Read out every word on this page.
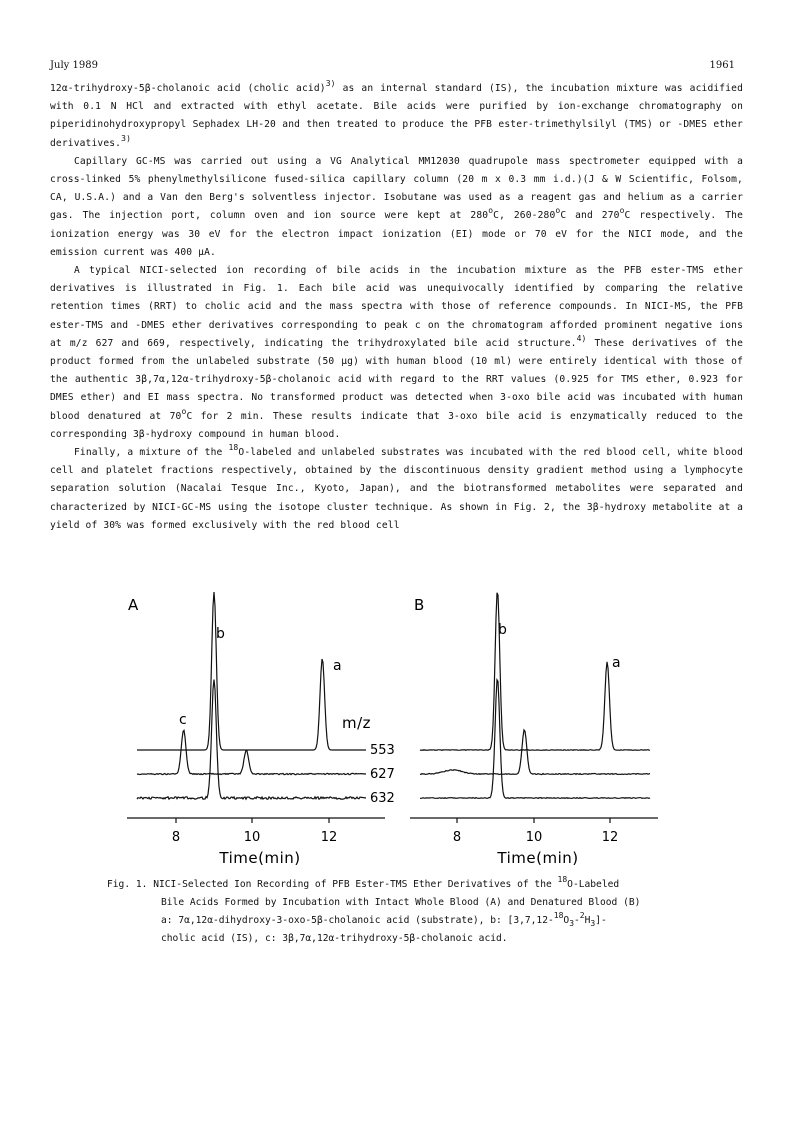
July 1989	1961

12α-trihydroxy-5β-cholanoic acid (cholic acid)$^{3)}$ as an internal standard (IS), the incubation mixture was acidified with 0.1 N HCl and extracted with ethyl acetate. Bile acids were purified by ion-exchange chromatography on piperidinohydroxypropyl Sephadex LH-20 and then treated to produce the PFB ester-trimethylsilyl (TMS) or -DMES ether derivatives.$^{3)}$

Capillary GC-MS was carried out using a VG Analytical MM12030 quadrupole mass spectrometer equipped with a cross-linked 5% phenylmethylsilicone fused-silica capillary column (20 m x 0.3 mm i.d.)(J & W Scientific, Folsom, CA, U.S.A.) and a Van den Berg's solventless injector. Isobutane was used as a reagent gas and helium as a carrier gas. The injection port, column oven and ion source were kept at 280$^o$C, 260-280$^o$C and 270$^o$C respectively. The ionization energy was 30 eV for the electron impact ionization (EI) mode or 70 eV for the NICI mode, and the emission current was 400 μA.

A typical NICI-selected ion recording of bile acids in the incubation mixture as the PFB ester-TMS ether derivatives is illustrated in Fig. 1. Each bile acid was unequivocally identified by comparing the relative retention times (RRT) to cholic acid and the mass spectra with those of reference compounds. In NICI-MS, the PFB ester-TMS and -DMES ether derivatives corresponding to peak c on the chromatogram afforded prominent negative ions at m/z 627 and 669, respectively, indicating the trihydroxylated bile acid structure.$^{4)}$ These derivatives of the product formed from the unlabeled substrate (50 μg) with human blood (10 ml) were entirely identical with those of the authentic 3β,7α,12α-trihydroxy-5β-cholanoic acid with regard to the RRT values (0.925 for TMS ether, 0.923 for DMES ether) and EI mass spectra. No transformed product was detected when 3-oxo bile acid was incubated with human blood denatured at 70$^o$C for 2 min. These results indicate that 3-oxo bile acid is enzymatically reduced to the corresponding 3β-hydroxy compound in human blood.

Finally, a mixture of the $^{18}$O-labeled and unlabeled substrates was incubated with the red blood cell, white blood cell and platelet fractions respectively, obtained by the discontinuous density gradient method using a lymphocyte separation solution (Nacalai Tesque Inc., Kyoto, Japan), and the biotransformed metabolites were separated and characterized by NICI-GC-MS using the isotope cluster technique. As shown in Fig. 2, the 3β-hydroxy metabolite at a yield of 30% was formed exclusively with the red blood cell

A
b
a
c	m/z
553
627
632
8	10	12
Time(min)
B
b
a
8	10	12
Time(min)

Fig. 1. NICI-Selected Ion Recording of PFB Ester-TMS Ether Derivatives of the $^{18}$O-Labeled

Bile Acids Formed by Incubation with Intact Whole Blood (A) and Denatured Blood (B)

a: 7α,12α-dihydroxy-3-oxo-5β-cholanoic acid (substrate), b: $[3,7,12-^{18}O_3-^2H_3]-$

cholic acid (IS), c: 3β,7α,12α-trihydroxy-5β-cholanoic acid.
